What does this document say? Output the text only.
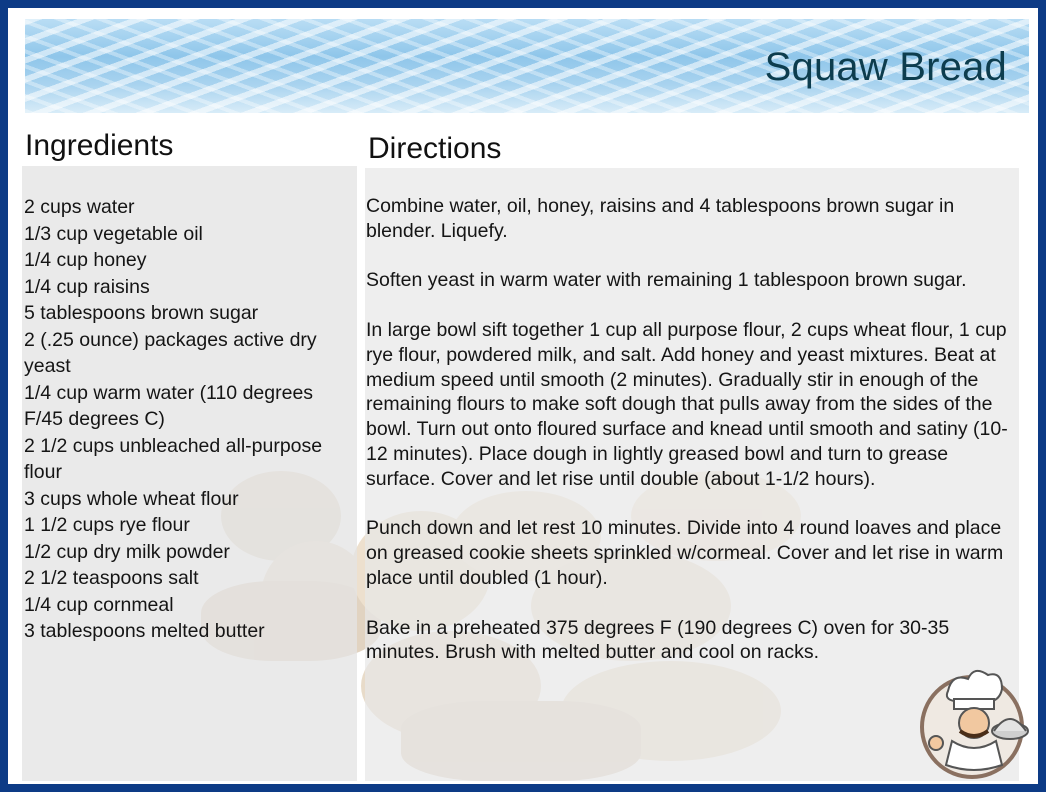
Squaw Bread
Ingredients	Directions
2 cups water
1/3 cup vegetable oil
1/4 cup honey
1/4 cup raisins
5 tablespoons brown sugar
2 (.25 ounce) packages active dry yeast
1/4 cup warm water (110 degrees F/45 degrees C)
2 1/2 cups unbleached all-purpose flour
3 cups whole wheat flour
1 1/2 cups rye flour
1/2 cup dry milk powder
2 1/2 teaspoons salt
1/4 cup cornmeal
3 tablespoons melted butter

Combine water, oil, honey, raisins and 4 tablespoons brown sugar in blender. Liquefy.

Soften yeast in warm water with remaining 1 tablespoon brown sugar.

In large bowl sift together 1 cup all purpose flour, 2 cups wheat flour, 1 cup rye flour, powdered milk, and salt. Add honey and yeast mixtures. Beat at medium speed until smooth (2 minutes). Gradually stir in enough of the remaining flours to make soft dough that pulls away from the sides of the bowl. Turn out onto floured surface and knead until smooth and satiny (10-12 minutes). Place dough in lightly greased bowl and turn to grease surface. Cover and let rise until double (about 1-1/2 hours).

Punch down and let rest 10 minutes. Divide into 4 round loaves and place on greased cookie sheets sprinkled w/cormeal. Cover and let rise in warm place until doubled (1 hour).

Bake in a preheated 375 degrees F (190 degrees C) oven for 30-35 minutes. Brush with melted butter and cool on racks.
